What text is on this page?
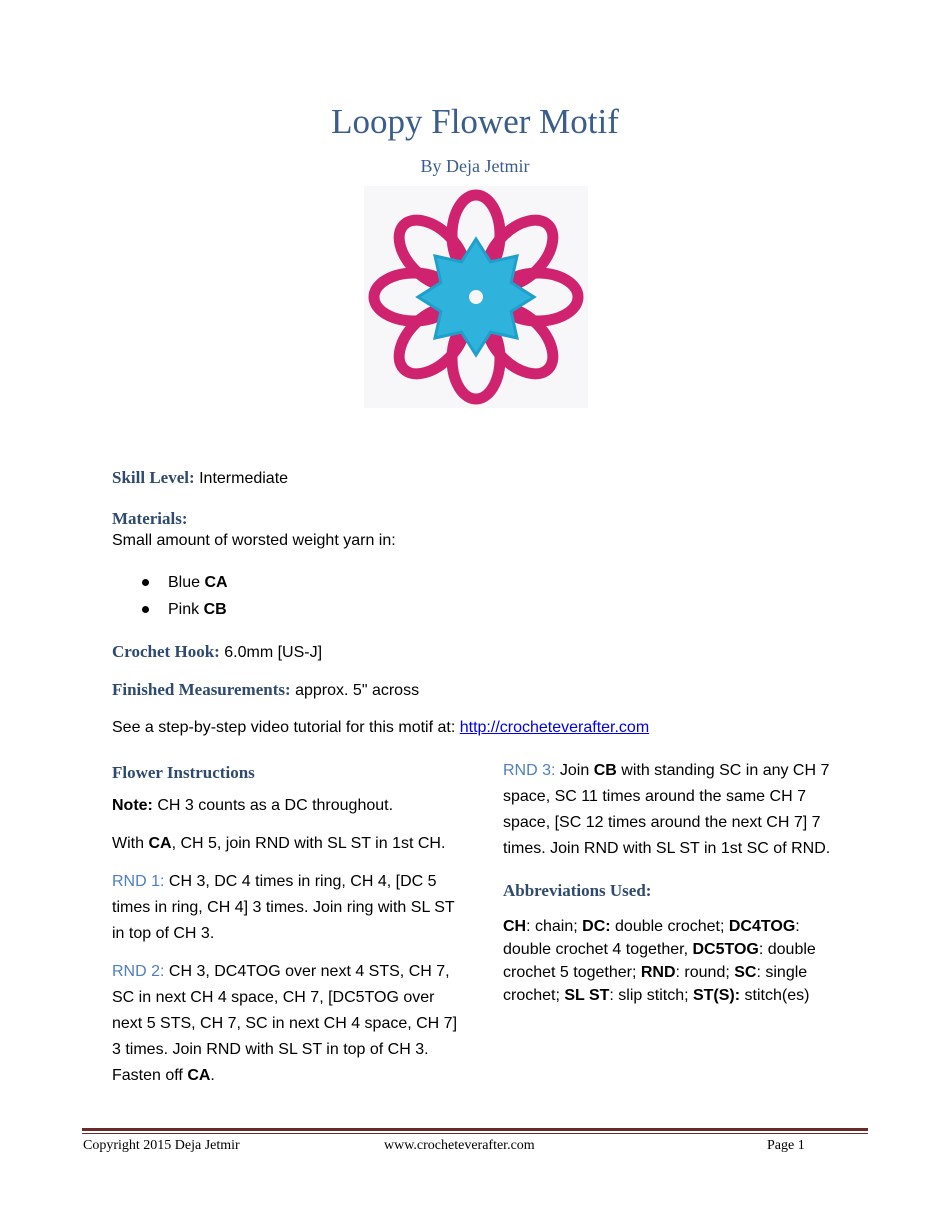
Loopy Flower Motif
By Deja Jetmir
Skill Level: Intermediate
Materials:
Small amount of worsted weight yarn in:
Blue CA
Pink CB
Crochet Hook: 6.0mm [US-J]
Finished Measurements: approx. 5" across
See a step-by-step video tutorial for this motif at: http://crocheteverafter.com

Flower Instructions

Note: CH 3 counts as a DC throughout.

With CA, CH 5, join RND with SL ST in 1st CH.

RND 1: CH 3, DC 4 times in ring, CH 4, [DC 5 times in ring, CH 4] 3 times. Join ring with SL ST in top of CH 3.

RND 2: CH 3, DC4TOG over next 4 STS, CH 7, SC in next CH 4 space, CH 7, [DC5TOG over next 5 STS, CH 7, SC in next CH 4 space, CH 7] 3 times. Join RND with SL ST in top of CH 3. Fasten off CA.

RND 3: Join CB with standing SC in any CH 7 space, SC 11 times around the same CH 7 space, [SC 12 times around the next CH 7] 7 times. Join RND with SL ST in 1st SC of RND.

Abbreviations Used:

CH: chain; DC: double crochet; DC4TOG: double crochet 4 together, DC5TOG: double crochet 5 together; RND: round; SC: single crochet; SL ST: slip stitch; ST(S): stitch(es)
Copyright 2015 Deja Jetmir	www.crocheteverafter.com	Page 1
